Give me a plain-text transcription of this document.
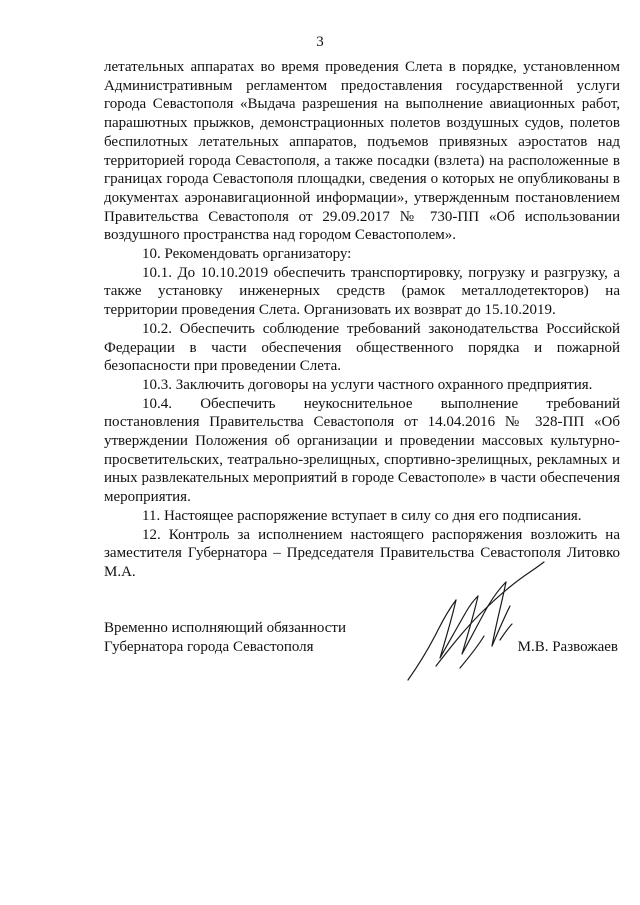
3

летательных аппаратах во время проведения Слета в порядке, установленном Административным регламентом предоставления государственной услуги города Севастополя «Выдача разрешения на выполнение авиационных работ, парашютных прыжков, демонстрационных полетов воздушных судов, полетов беспилотных летательных аппаратов, подъемов привязных аэростатов над территорией города Севастополя, а также посадки (взлета) на расположенные в границах города Севастополя площадки, сведения о которых не опубликованы в документах аэронавигационной информации», утвержденным постановлением Правительства Севастополя от 29.09.2017 № 730-ПП «Об использовании воздушного пространства над городом Севастополем».

10. Рекомендовать организатору:

10.1. До 10.10.2019 обеспечить транспортировку, погрузку и разгрузку, а также установку инженерных средств (рамок металлодетекторов) на территории проведения Слета. Организовать их возврат до 15.10.2019.

10.2. Обеспечить соблюдение требований законодательства Российской Федерации в части обеспечения общественного порядка и пожарной безопасности при проведении Слета.

10.3. Заключить договоры на услуги частного охранного предприятия.

10.4. Обеспечить неукоснительное выполнение требований постановления Правительства Севастополя от 14.04.2016 № 328-ПП «Об утверждении Положения об организации и проведении массовых культурно-просветительских, театрально-зрелищных, спортивно-зрелищных, рекламных и иных развлекательных мероприятий в городе Севастополе» в части обеспечения мероприятия.

11. Настоящее распоряжение вступает в силу со дня его подписания.

12. Контроль за исполнением настоящего распоряжения возложить на заместителя Губернатора – Председателя Правительства Севастополя Литовко М.А.

Временно исполняющий обязанности

Губернатора города Севастополя	М.В. Развожаев
